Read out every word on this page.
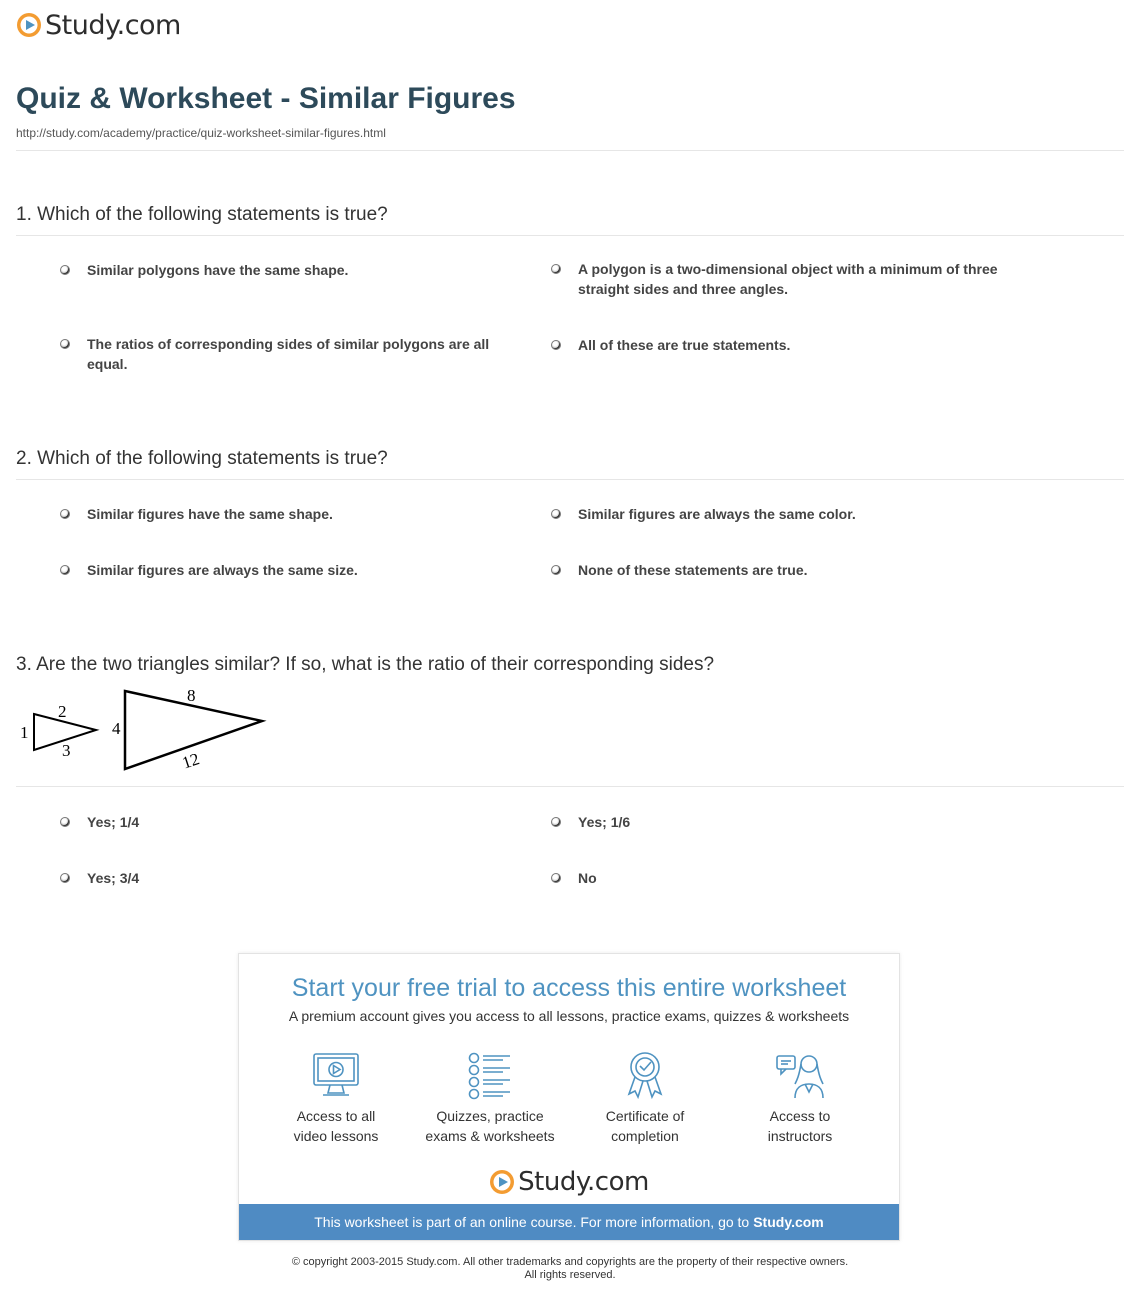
Study.com
Quiz & Worksheet - Similar Figures
http://study.com/academy/practice/quiz-worksheet-similar-figures.html
1. Which of the following statements is true?
Similar polygons have the same shape.	A polygon is a two-dimensional object with a minimum of three straight sides and three angles.
The ratios of corresponding sides of similar polygons are all equal.
All of these are true statements.
2. Which of the following statements is true?
Similar figures have the same shape.	Similar figures are always the same color.
Similar figures are always the same size.	None of these statements are true.
3. Are the two triangles similar? If so, what is the ratio of their corresponding sides?
1
2
3
4
8
12
Yes; 1/4	Yes; 1/6
Yes; 3/4	No
Start your free trial to access this entire worksheet
A premium account gives you access to all lessons, practice exams, quizzes & worksheets
Access to all
video lessons
Quizzes, practice
exams & worksheets
Certificate of
completion
Access to
instructors
Study.com
This worksheet is part of an online course. For more information, go to Study.com
© copyright 2003-2015 Study.com. All other trademarks and copyrights are the property of their respective owners.
All rights reserved.
